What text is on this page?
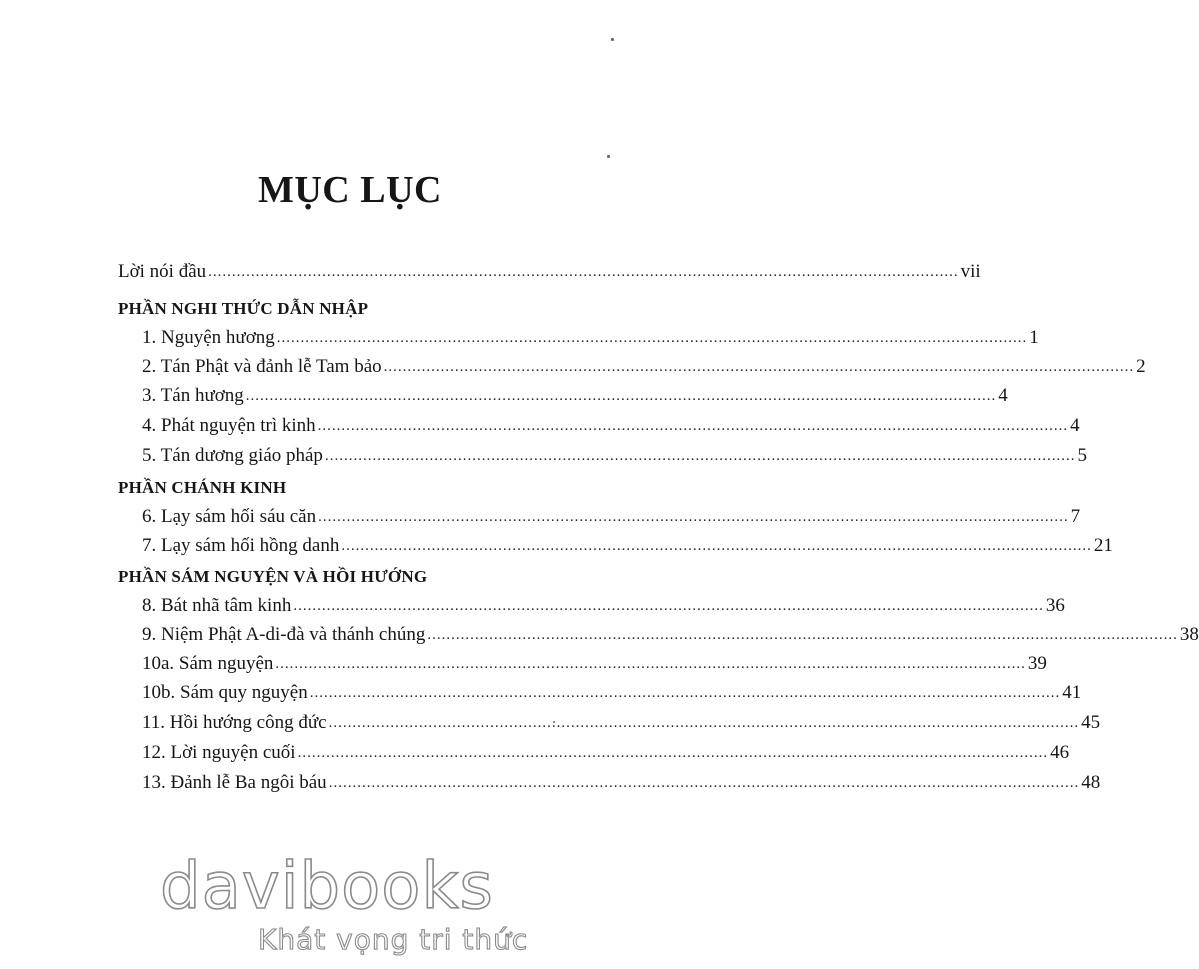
MỤC LỤC
Lời nói đầu .............................................................................................................................................................. vii
PHẦN NGHI THỨC DẪN NHẬP
1. Nguyện hương .............................................................................................................................................................. 1
2. Tán Phật và đảnh lễ Tam bảo .............................................................................................................................................................. 2
3. Tán hương .............................................................................................................................................................. 4
4. Phát nguyện trì kinh .............................................................................................................................................................. 4
5. Tán dương giáo pháp .............................................................................................................................................................. 5
PHẦN CHÁNH KINH
6. Lạy sám hối sáu căn .............................................................................................................................................................. 7
7. Lạy sám hối hồng danh .............................................................................................................................................................. 21
PHẦN SÁM NGUYỆN VÀ HỒI HƯỚNG
8. Bát nhã tâm kinh .............................................................................................................................................................. 36
9. Niệm Phật A-di-đà và thánh chúng .............................................................................................................................................................. 38
10a. Sám nguyện .............................................................................................................................................................. 39
10b. Sám quy nguyện .............................................................................................................................................................. 41
11. Hồi hướng công đức .............................................................................................................................................................. 45
12. Lời nguyện cuối .............................................................................................................................................................. 46
13. Đảnh lễ Ba ngôi báu .............................................................................................................................................................. 48
davibooks
Khát vọng tri thức
